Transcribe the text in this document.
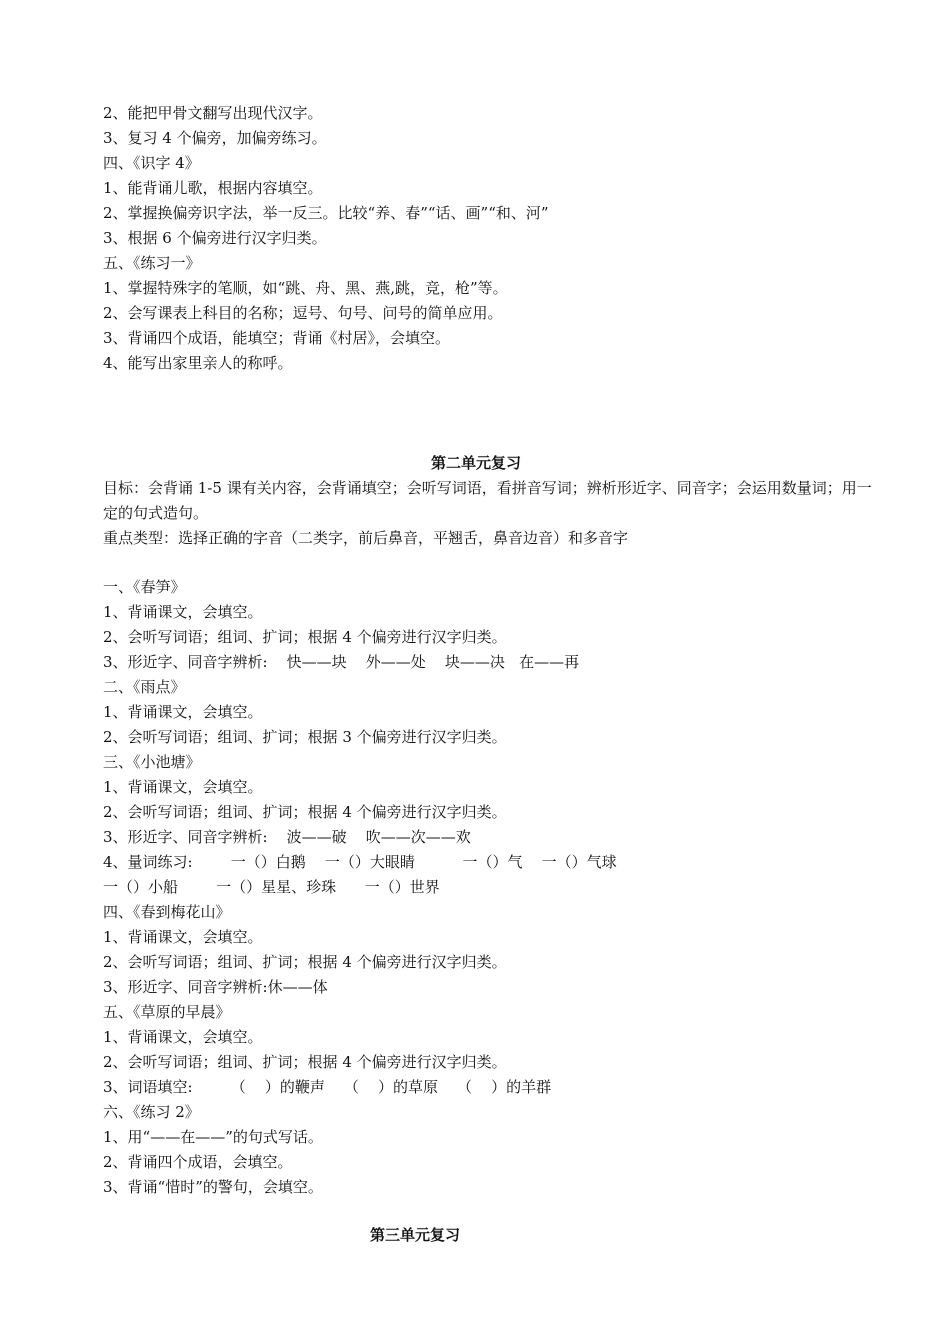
2、能把甲骨文翻写出现代汉字。
3、复习 4 个偏旁，加偏旁练习。
四、《识字 4》
1、能背诵儿歌，根据内容填空。
2、掌握换偏旁识字法，举一反三。比较“养、春”“话、画”“和、河”
3、根据 6 个偏旁进行汉字归类。
五、《练习一》
1、掌握特殊字的笔顺，如“跳、舟、黑、燕,跳，竞，枪”等。
2、会写课表上科目的名称；逗号、句号、问号的简单应用。
3、背诵四个成语，能填空；背诵《村居》，会填空。
4、能写出家里亲人的称呼。
第二单元复习
目标：会背诵 1-5 课有关内容，会背诵填空；会听写词语，看拼音写词；辨析形近字、同音字；会运用数量词；用一定的句式造句。
重点类型：选择正确的字音（二类字，前后鼻音，平翘舌，鼻音边音）和多音字
一、《春笋》
1、背诵课文，会填空。
2、会听写词语；组词、扩词；根据 4 个偏旁进行汉字归类。
3、形近字、同音字辨析:    快——块    外——处    块——决   在——再
二、《雨点》
1、背诵课文，会填空。
2、会听写词语；组词、扩词；根据 3 个偏旁进行汉字归类。
三、《小池塘》
1、背诵课文，会填空。
2、会听写词语；组词、扩词；根据 4 个偏旁进行汉字归类。
3、形近字、同音字辨析:    波——破    吹——次——欢
4、量词练习:        一（）白鹅    一（）大眼睛          一（）气    一（）气球
一（）小船        一（）星星、珍珠      一（）世界
四、《春到梅花山》
1、背诵课文，会填空。
2、会听写词语；组词、扩词；根据 4 个偏旁进行汉字归类。
3、形近字、同音字辨析:休——体
五、《草原的早晨》
1、背诵课文，会填空。
2、会听写词语；组词、扩词；根据 4 个偏旁进行汉字归类。
3、词语填空:        （    ）的鞭声    （    ）的草原    （    ）的羊群
六、《练习 2》
1、用“——在——”的句式写话。
2、背诵四个成语，会填空。
3、背诵“惜时”的警句，会填空。
第三单元复习
